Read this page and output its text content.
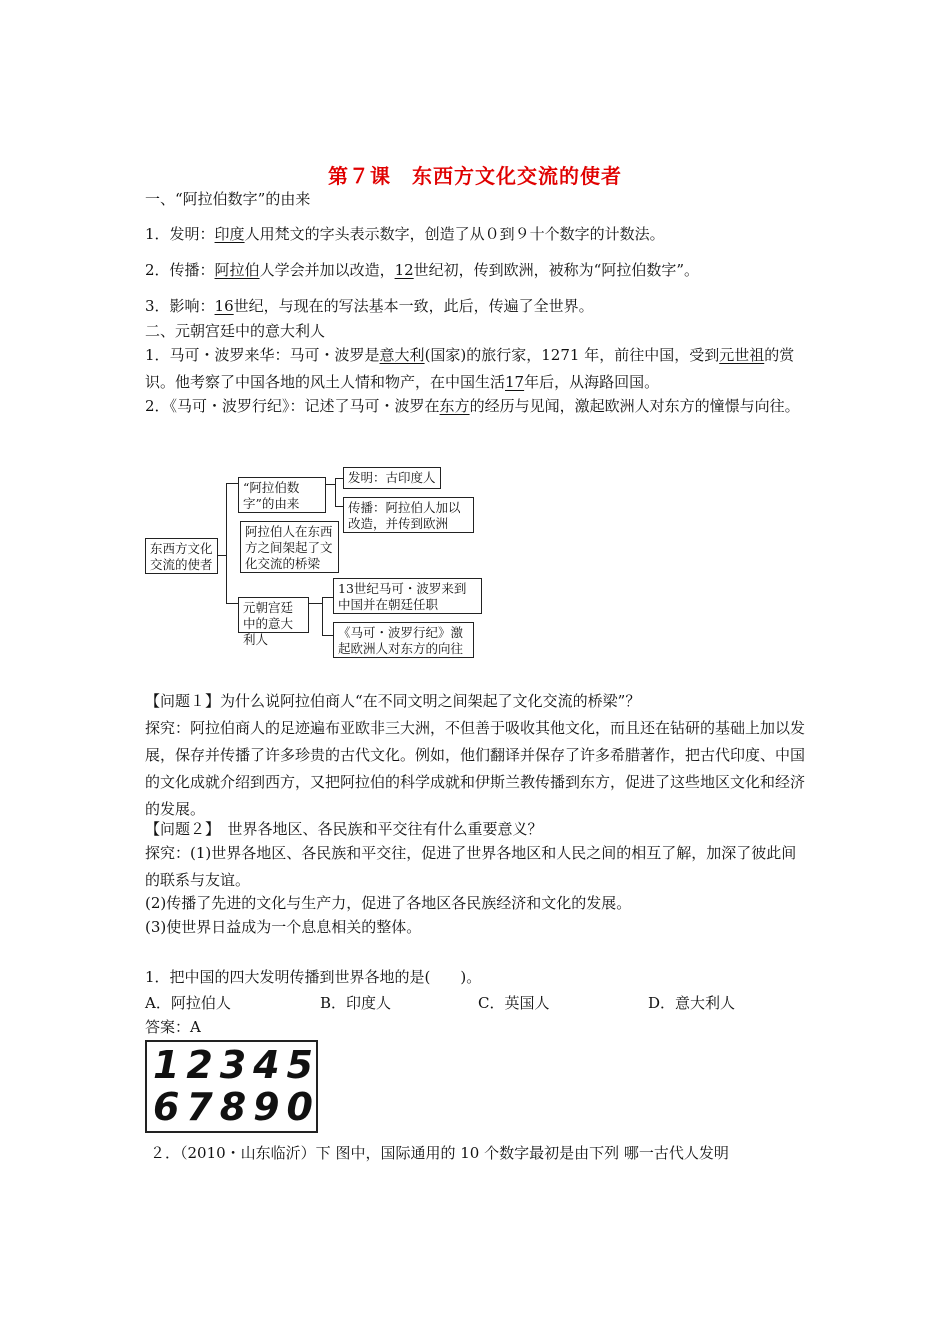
第７课　东西方文化交流的使者
一、“阿拉伯数字”的由来
1．发明：印度人用梵文的字头表示数字，创造了从０到９十个数字的计数法。
2．传播：阿拉伯人学会并加以改造，12世纪初，传到欧洲，被称为“阿拉伯数字”。
3．影响：16世纪，与现在的写法基本一致，此后，传遍了全世界。
二、元朝宫廷中的意大利人
1．马可・波罗来华：马可・波罗是意大利(国家)的旅行家，1271 年，前往中国，受到元世祖的赏识。他考察了中国各地的风土人情和物产，在中国生活17年后，从海路回国。
2．《马可・波罗行纪》：记述了马可・波罗在东方的经历与见闻，激起欧洲人对东方的憧憬与向往。
东西方文化交流的使者
“阿拉伯数字”的由来
发明：古印度人
传播：阿拉伯人加以改造，并传到欧洲
阿拉伯人在东西方之间架起了文化交流的桥梁
元朝宫廷中的意大利人
13世纪马可・波罗来到中国并在朝廷任职
《马可・波罗行纪》激起欧洲人对东方的向往
【问题１】为什么说阿拉伯商人“在不同文明之间架起了文化交流的桥梁”？
探究：阿拉伯商人的足迹遍布亚欧非三大洲，不但善于吸收其他文化，而且还在钻研的基础上加以发展，保存并传播了许多珍贵的古代文化。例如，他们翻译并保存了许多希腊著作，把古代印度、中国的文化成就介绍到西方，又把阿拉伯的科学成就和伊斯兰教传播到东方，促进了这些地区文化和经济的发展。
【问题２】　世界各地区、各民族和平交往有什么重要意义？
探究：(1)世界各地区、各民族和平交往，促进了世界各地区和人民之间的相互了解，加深了彼此间的联系与友谊。
(2)传播了先进的文化与生产力，促进了各地区各民族经济和文化的发展。
(3)使世界日益成为一个息息相关的整体。
1．把中国的四大发明传播到世界各地的是(　　)。
A．阿拉伯人	B．印度人	C．英国人	D．意大利人
答案：A
1 2 3 4 5
6 7 8 9 0
２．（2010・山东临沂）下 图中，国际通用的 10 个数字最初是由下列 哪一古代人发明
